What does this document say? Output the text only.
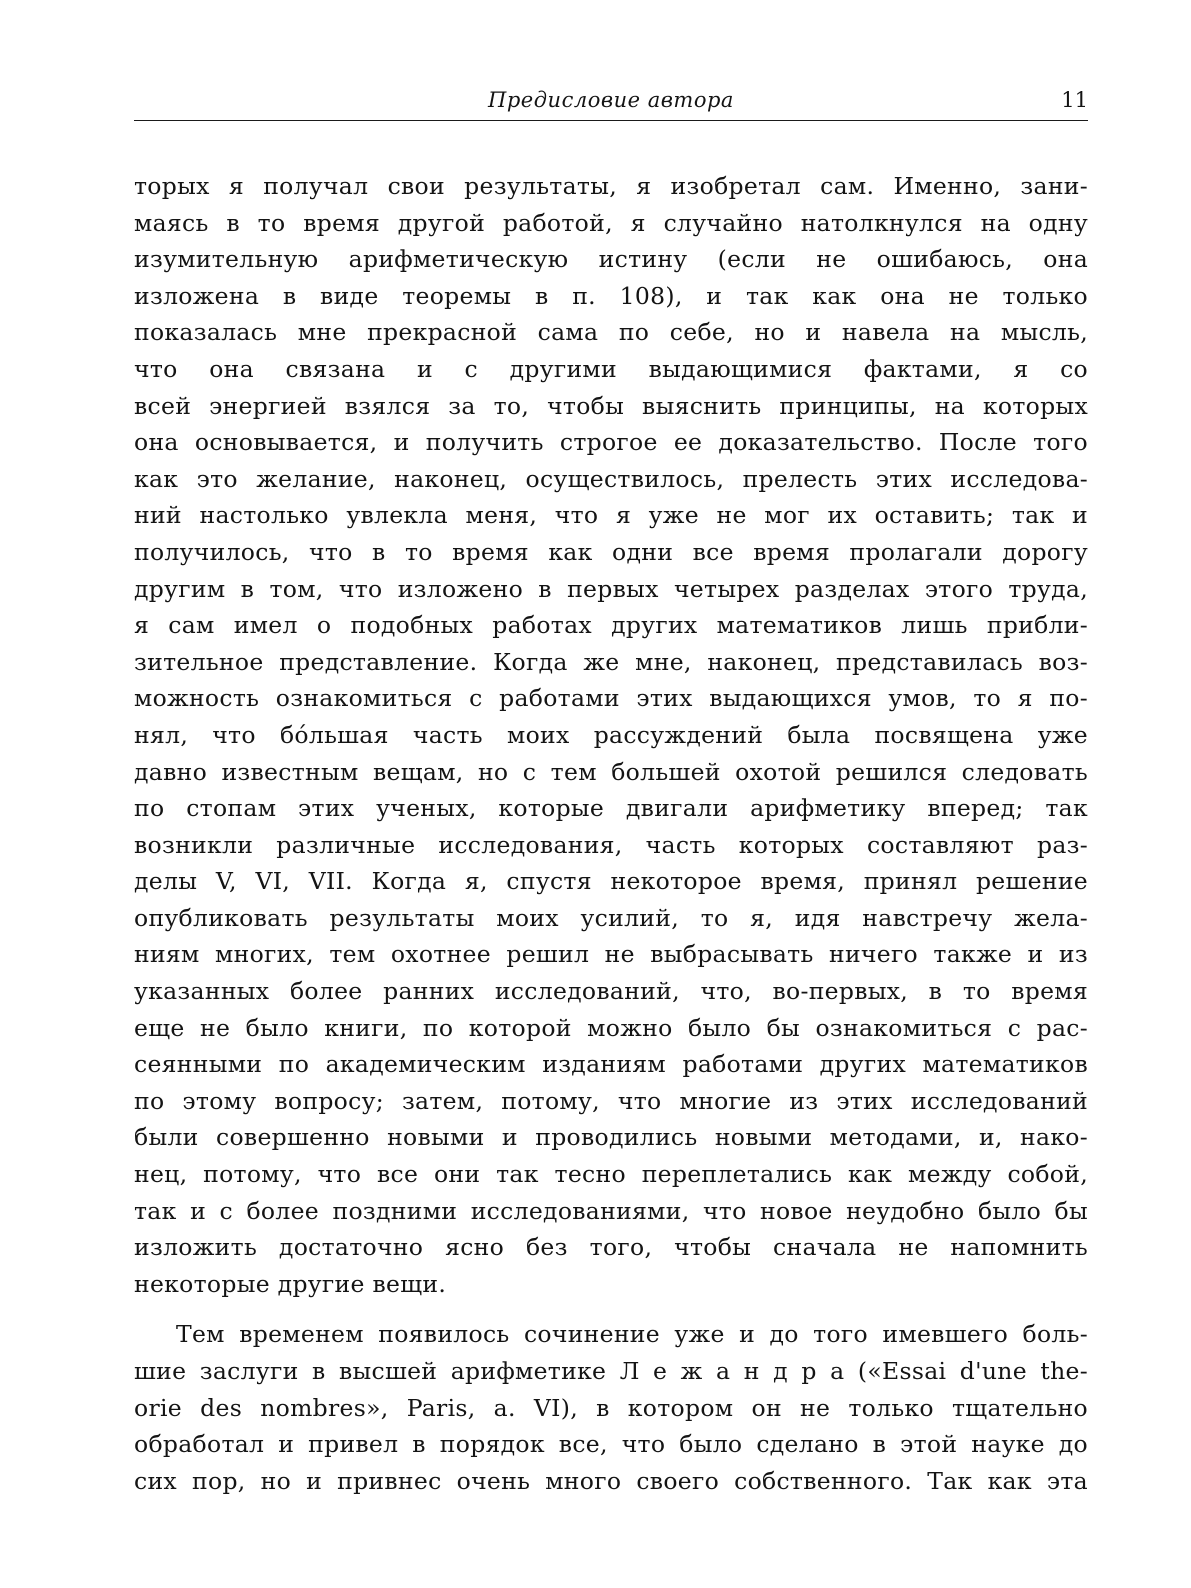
Предисловие автора	11
торых я получал свои результаты, я изобретал сам. Именно, зани-
маясь в то время другой работой, я случайно натолкнулся на одну
изумительную арифметическую истину (если не ошибаюсь, она
изложена в виде теоремы в п. 108), и так как она не только
показалась мне прекрасной сама по себе, но и навела на мысль,
что она связана и с другими выдающимися фактами, я со
всей энергией взялся за то, чтобы выяснить принципы, на которых
она основывается, и получить строгое ее доказательство. После того
как это желание, наконец, осуществилось, прелесть этих исследова-
ний настолько увлекла меня, что я уже не мог их оставить; так и
получилось, что в то время как одни все время пролагали дорогу
другим в том, что изложено в первых четырех разделах этого труда,
я сам имел о подобных работах других математиков лишь прибли-
зительное представление. Когда же мне, наконец, представилась воз-
можность ознакомиться с работами этих выдающихся умов, то я по-
нял, что бóльшая часть моих рассуждений была посвящена уже
давно известным вещам, но с тем большей охотой решился следовать
по стопам этих ученых, которые двигали арифметику вперед; так
возникли различные исследования, часть которых составляют раз-
делы V, VI, VII. Когда я, спустя некоторое время, принял решение
опубликовать результаты моих усилий, то я, идя навстречу жела-
ниям многих, тем охотнее решил не выбрасывать ничего также и из
указанных более ранних исследований, что, во-первых, в то время
еще не было книги, по которой можно было бы ознакомиться с рас-
сеянными по академическим изданиям работами других математиков
по этому вопросу; затем, потому, что многие из этих исследований
были совершенно новыми и проводились новыми методами, и, нако-
нец, потому, что все они так тесно переплетались как между собой,
так и с более поздними исследованиями, что новое неудобно было бы
изложить достаточно ясно без того, чтобы сначала не напомнить
некоторые другие вещи.
Тем временем появилось сочинение уже и до того имевшего боль-
шие заслуги в высшей арифметике Л е ж а н д р а («Essai d'une the-
orie des nombres», Paris, a. VI), в котором он не только тщательно
обработал и привел в порядок все, что было сделано в этой науке до
сих пор, но и привнес очень много своего собственного. Так как эта
